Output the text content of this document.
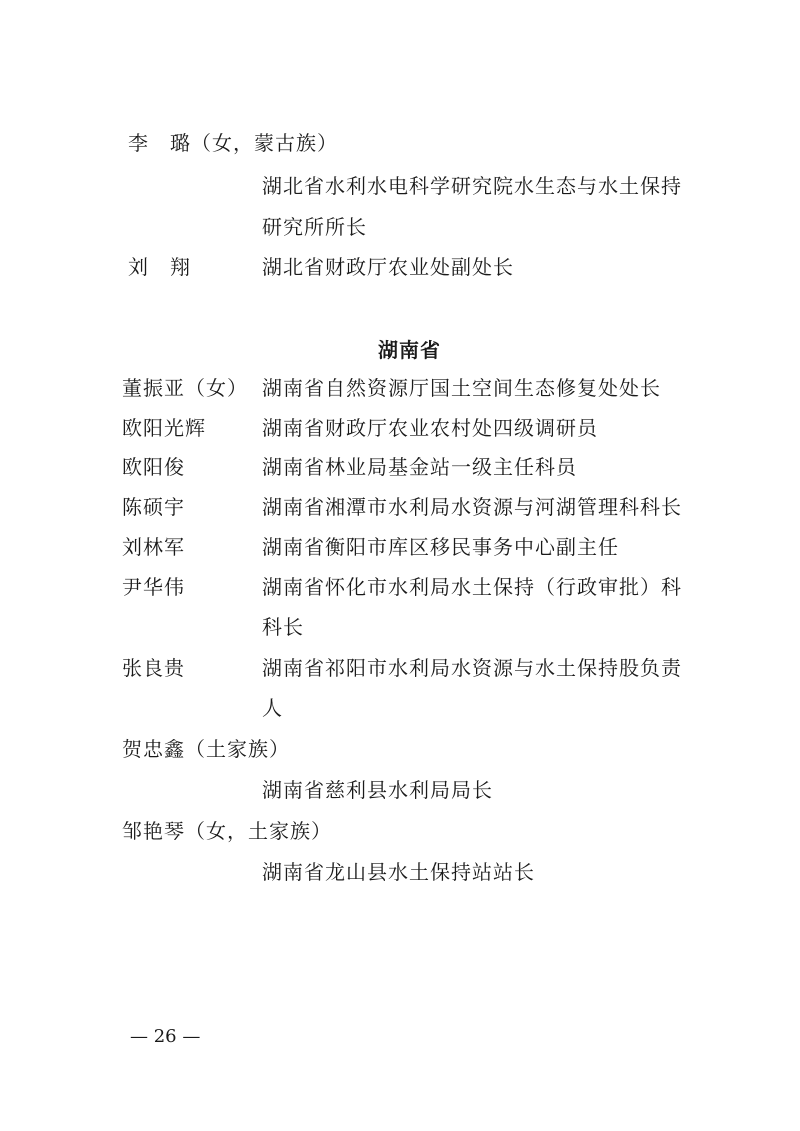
李　璐（女，蒙古族）
湖北省水利水电科学研究院水生态与水土保持
研究所所长
刘　翔	湖北省财政厅农业处副处长
湖南省
董振亚（女） 湖南省自然资源厅国土空间生态修复处处长
欧阳光辉	湖南省财政厅农业农村处四级调研员
欧阳俊	湖南省林业局基金站一级主任科员
陈硕宇	湖南省湘潭市水利局水资源与河湖管理科科长
刘林军	湖南省衡阳市库区移民事务中心副主任
尹华伟	湖南省怀化市水利局水土保持（行政审批）科
科长
张良贵	湖南省祁阳市水利局水资源与水土保持股负责
人
贺忠鑫（土家族）
湖南省慈利县水利局局长
邹艳琴（女，土家族）
湖南省龙山县水土保持站站长
— 26 —
